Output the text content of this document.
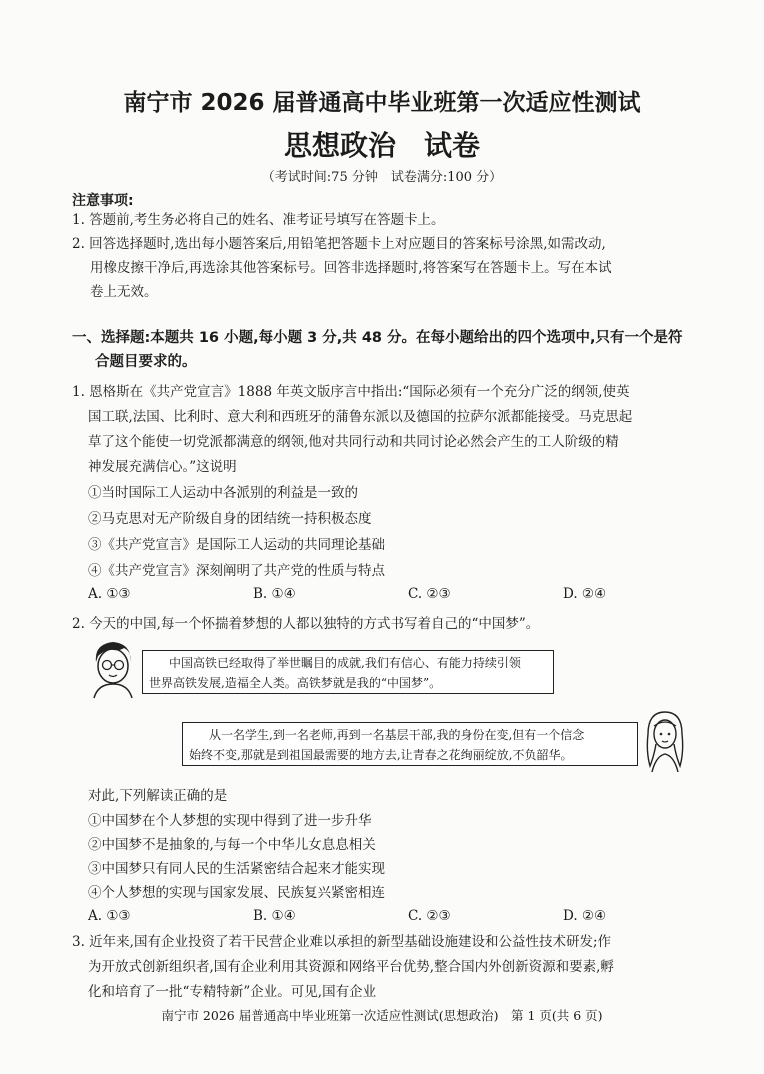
南宁市 2026 届普通高中毕业班第一次适应性测试
思想政治　试卷
（考试时间:75 分钟　试卷满分:100 分）
注意事项:
1. 答题前,考生务必将自己的姓名、准考证号填写在答题卡上。
2. 回答选择题时,选出每小题答案后,用铅笔把答题卡上对应题目的答案标号涂黑,如需改动,
用橡皮擦干净后,再选涂其他答案标号。回答非选择题时,将答案写在答题卡上。写在本试
卷上无效。
一、选择题:本题共 16 小题,每小题 3 分,共 48 分。在每小题给出的四个选项中,只有一个是符
合题目要求的。
1. 恩格斯在《共产党宣言》1888 年英文版序言中指出:“国际必须有一个充分广泛的纲领,使英
国工联,法国、比利时、意大利和西班牙的蒲鲁东派以及德国的拉萨尔派都能接受。马克思起
草了这个能使一切党派都满意的纲领,他对共同行动和共同讨论必然会产生的工人阶级的精
神发展充满信心。”这说明
①当时国际工人运动中各派别的利益是一致的
②马克思对无产阶级自身的团结统一持积极态度
③《共产党宣言》是国际工人运动的共同理论基础
④《共产党宣言》深刻阐明了共产党的性质与特点
A. ①③	B. ①④	C. ②③	D. ②④
2. 今天的中国,每一个怀揣着梦想的人都以独特的方式书写着自己的“中国梦”。
中国高铁已经取得了举世瞩目的成就,我们有信心、有能力持续引领
世界高铁发展,造福全人类。高铁梦就是我的“中国梦”。
从一名学生,到一名老师,再到一名基层干部,我的身份在变,但有一个信念
始终不变,那就是到祖国最需要的地方去,让青春之花绚丽绽放,不负韶华。
对此,下列解读正确的是
①中国梦在个人梦想的实现中得到了进一步升华
②中国梦不是抽象的,与每一个中华儿女息息相关
③中国梦只有同人民的生活紧密结合起来才能实现
④个人梦想的实现与国家发展、民族复兴紧密相连
A. ①③	B. ①④	C. ②③	D. ②④
3. 近年来,国有企业投资了若干民营企业难以承担的新型基础设施建设和公益性技术研发;作
为开放式创新组织者,国有企业利用其资源和网络平台优势,整合国内外创新资源和要素,孵
化和培育了一批“专精特新”企业。可见,国有企业
南宁市 2026 届普通高中毕业班第一次适应性测试(思想政治)　第 1 页(共 6 页)
